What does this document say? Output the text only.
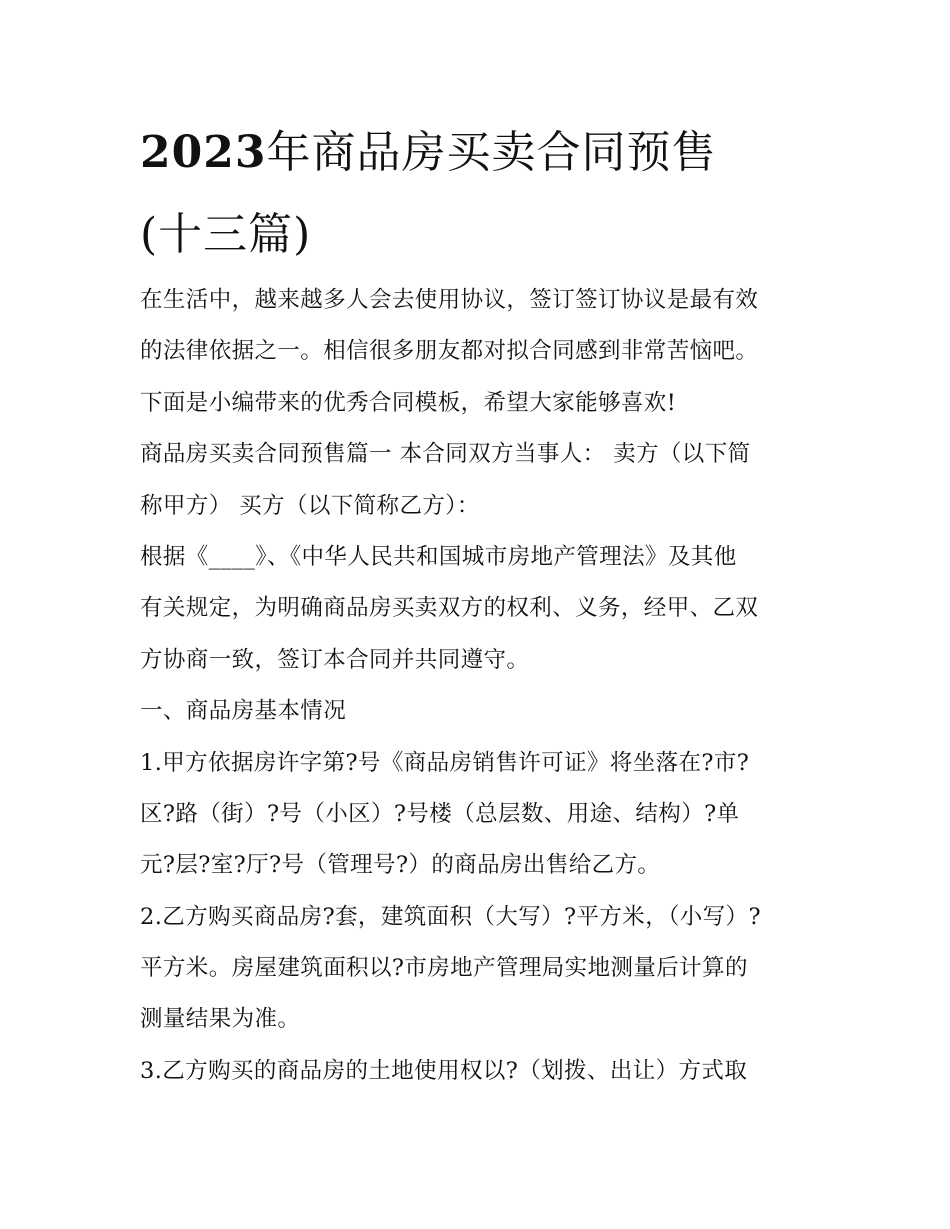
2023年商品房买卖合同预售
(十三篇)
在生活中，越来越多人会去使用协议，签订签订协议是最有效
的法律依据之一。相信很多朋友都对拟合同感到非常苦恼吧。
下面是小编带来的优秀合同模板，希望大家能够喜欢!
商品房买卖合同预售篇一 本合同双方当事人： 卖方（以下简
称甲方） 买方（以下简称乙方）：
根据《____》、《中华人民共和国城市房地产管理法》及其他
有关规定，为明确商品房买卖双方的权利、义务，经甲、乙双
方协商一致，签订本合同并共同遵守。
一、商品房基本情况
1.甲方依据房许字第?号《商品房销售许可证》将坐落在?市?
区?路（街）?号（小区）?号楼（总层数、用途、结构）?单
元?层?室?厅?号（管理号?）的商品房出售给乙方。
2.乙方购买商品房?套，建筑面积（大写）?平方米，（小写）?
平方米。房屋建筑面积以?市房地产管理局实地测量后计算的
测量结果为准。
3.乙方购买的商品房的土地使用权以?（划拨、出让）方式取
